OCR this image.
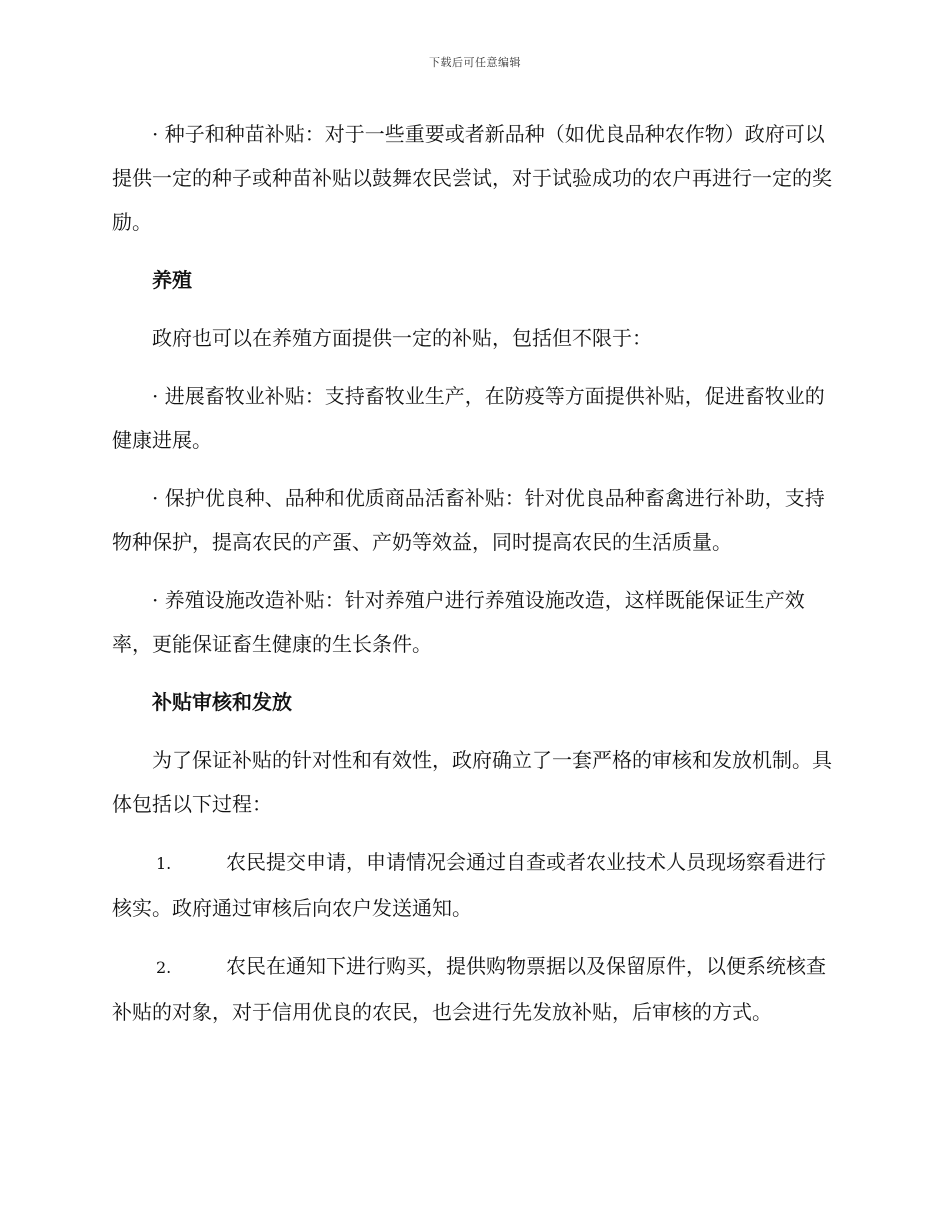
下载后可任意编辑

· 种子和种苗补贴：对于一些重要或者新品种（如优良品种农作物）政府可以提供一定的种子或种苗补贴以鼓舞农民尝试，对于试验成功的农户再进行一定的奖励。

养殖

政府也可以在养殖方面提供一定的补贴，包括但不限于：

· 进展畜牧业补贴：支持畜牧业生产，在防疫等方面提供补贴，促进畜牧业的健康进展。

· 保护优良种、品种和优质商品活畜补贴：针对优良品种畜禽进行补助，支持物种保护，提高农民的产蛋、产奶等效益，同时提高农民的生活质量。

· 养殖设施改造补贴：针对养殖户进行养殖设施改造，这样既能保证生产效率，更能保证畜生健康的生长条件。

补贴审核和发放

为了保证补贴的针对性和有效性，政府确立了一套严格的审核和发放机制。具体包括以下过程：

1.	农民提交申请，申请情况会通过自查或者农业技术人员现场察看进行核实。政府通过审核后向农户发送通知。

2.	农民在通知下进行购买，提供购物票据以及保留原件，以便系统核查补贴的对象，对于信用优良的农民，也会进行先发放补贴，后审核的方式。
